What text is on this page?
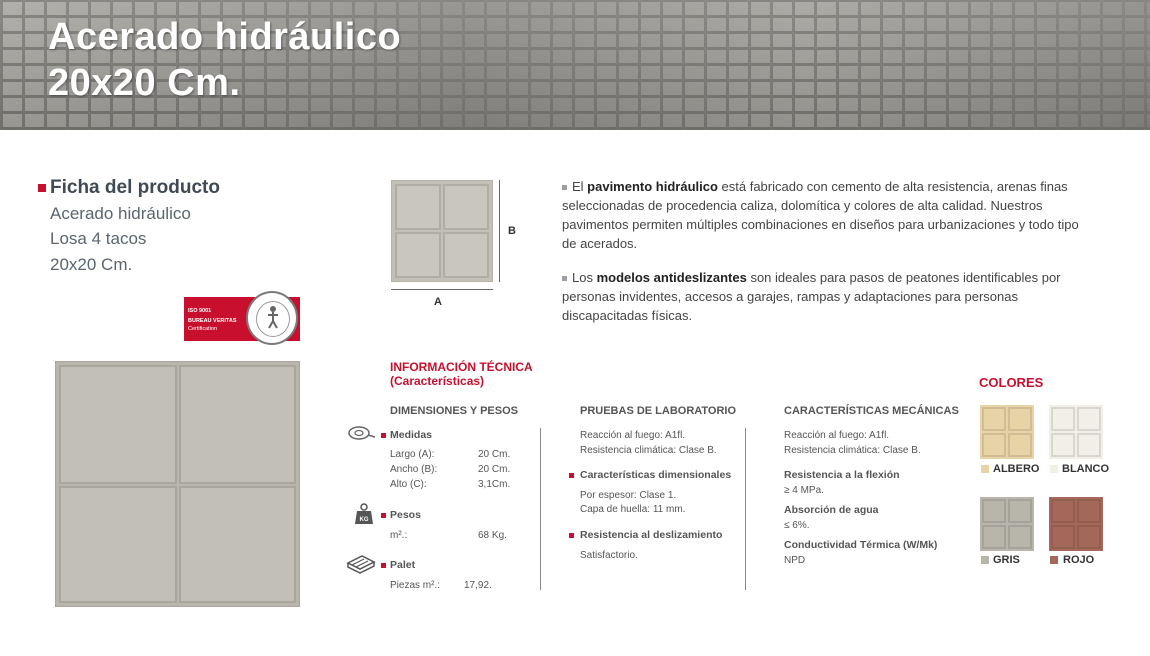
Acerado hidráulico
20x20 Cm.
Ficha del producto
Acerado hidráulico
Losa 4 tacos
20x20 Cm.
ISO 9001
BUREAU VERITAS
Certification
B
A
El pavimento hidráulico está fabricado con cemento de alta resistencia, arenas finas seleccionadas de procedencia caliza, dolomítica y colores de alta calidad. Nuestros pavimentos permiten múltiples combinaciones en diseños para urbanizaciones y todo tipo de acerados.
Los modelos antideslizantes son ideales para pasos de peatones identificables por personas invidentes, accesos a garajes, rampas y adaptaciones para personas discapacitadas físicas.
INFORMACIÓN TÉCNICA
(Características)
DIMENSIONES Y PESOS
Medidas
Largo (A):	20 Cm.
Ancho (B):	20 Cm.
Alto (C):	3,1Cm.
KG Pesos
m².:	68 Kg.
Palet
Piezas m².: 17,92.
PRUEBAS DE LABORATORIO
Reacción al fuego: A1fl.
Resistencia climática: Clase B.
Características dimensionales
Por espesor: Clase 1.
Capa de huella: 11 mm.
Resistencia al deslizamiento
Satisfactorio.
CARACTERÍSTICAS MECÁNICAS
Reacción al fuego: A1fl.
Resistencia climática: Clase B.
Resistencia a la flexión
≥ 4 MPa.
Absorción de agua
≤ 6%.
Conductividad Térmica (W/Mk)
NPD
COLORES
ALBERO BLANCO
GRIS	ROJO
